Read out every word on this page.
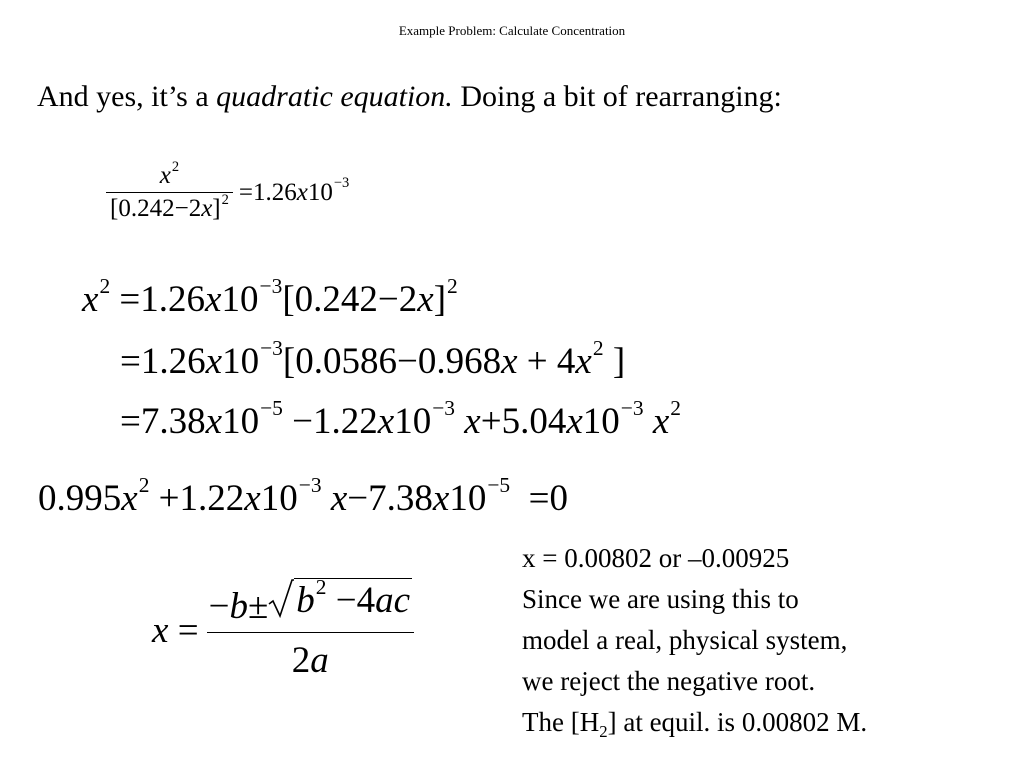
Example Problem: Calculate Concentration
And yes, it’s a quadratic equation. Doing a bit of rearranging:
$\frac{x^2}{[0.242-2x]^2} =1.26x10^{-3}$
$x^2 =1.26x10^{-3}[0.242-2x]^2$
$=1.26x10^{-3}[0.0586-0.968x + 4x^2$ ]
$=7.38x10^{-5} -1.22x10^{-3}$ $x+5.04x10^{-3}$ $x^2$
$0.995x^2 +1.22x10^{-3}$ $x-7.38x10^{-5} =0$
$x = \frac{-b\pm b^2 -4ac}{2a}$
x = 0.00802 or –0.00925
Since we are using this to
model a real, physical system,
we reject the negative root.
The $[H_2]$ at equil. is 0.00802 M.
